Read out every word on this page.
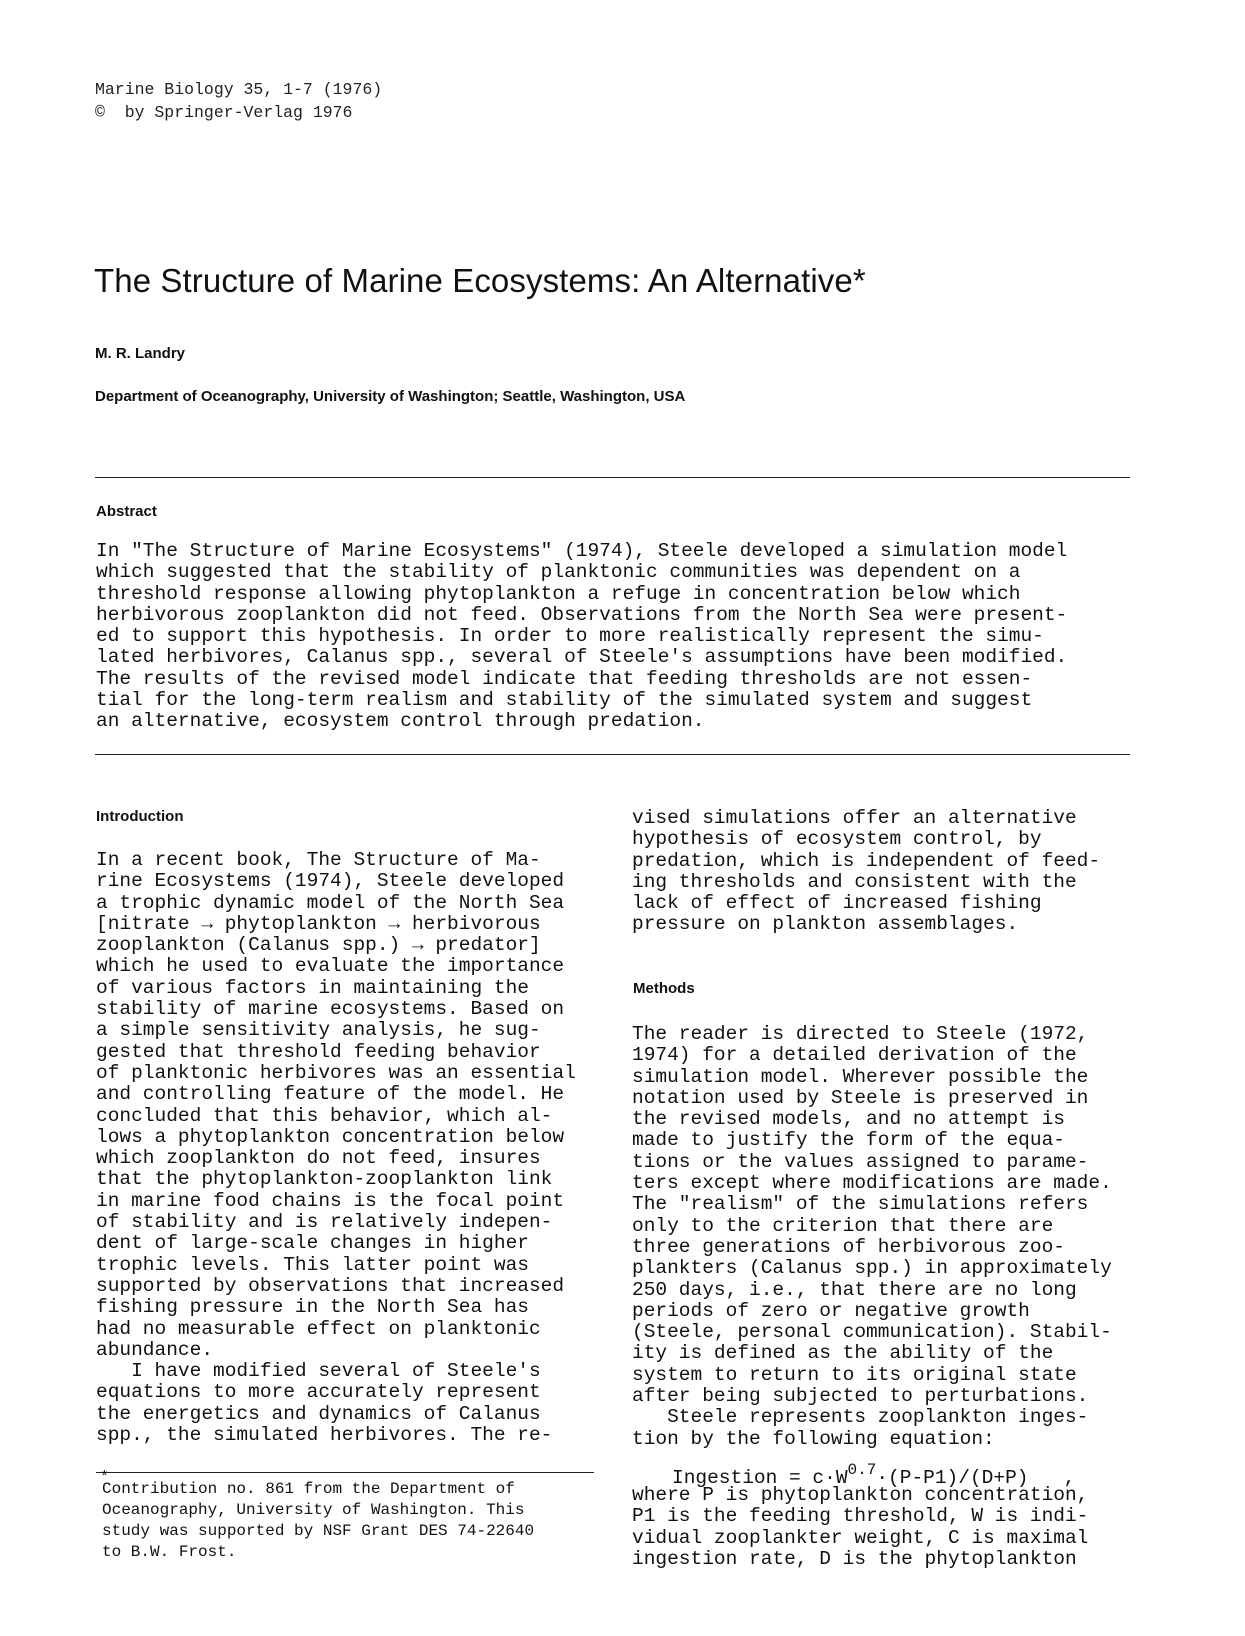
Marine Biology 35, 1-7 (1976)
©  by Springer-Verlag 1976
The Structure of Marine Ecosystems: An Alternative*
M. R. Landry
Department of Oceanography, University of Washington; Seattle, Washington, USA
Abstract
In "The Structure of Marine Ecosystems" (1974), Steele developed a simulation model
which suggested that the stability of planktonic communities was dependent on a
threshold response allowing phytoplankton a refuge in concentration below which
herbivorous zooplankton did not feed. Observations from the North Sea were present-
ed to support this hypothesis. In order to more realistically represent the simu-
lated herbivores, Calanus spp., several of Steele's assumptions have been modified.
The results of the revised model indicate that feeding thresholds are not essen-
tial for the long-term realism and stability of the simulated system and suggest
an alternative, ecosystem control through predation.
Introduction
In a recent book, The Structure of Ma-
rine Ecosystems (1974), Steele developed
a trophic dynamic model of the North Sea
[nitrate → phytoplankton → herbivorous
zooplankton (Calanus spp.) → predator]
which he used to evaluate the importance
of various factors in maintaining the
stability of marine ecosystems. Based on
a simple sensitivity analysis, he sug-
gested that threshold feeding behavior
of planktonic herbivores was an essential
and controlling feature of the model. He
concluded that this behavior, which al-
lows a phytoplankton concentration below
which zooplankton do not feed, insures
that the phytoplankton-zooplankton link
in marine food chains is the focal point
of stability and is relatively indepen-
dent of large-scale changes in higher
trophic levels. This latter point was
supported by observations that increased
fishing pressure in the North Sea has
had no measurable effect on planktonic
abundance.
I have modified several of Steele's
equations to more accurately represent
the energetics and dynamics of Calanus
spp., the simulated herbivores. The re-
vised simulations offer an alternative
hypothesis of ecosystem control, by
predation, which is independent of feed-
ing thresholds and consistent with the
lack of effect of increased fishing
pressure on plankton assemblages.
Methods
The reader is directed to Steele (1972,
1974) for a detailed derivation of the
simulation model. Wherever possible the
notation used by Steele is preserved in
the revised models, and no attempt is
made to justify the form of the equa-
tions or the values assigned to parame-
ters except where modifications are made.
The "realism" of the simulations refers
only to the criterion that there are
three generations of herbivorous zoo-
plankters (Calanus spp.) in approximately
250 days, i.e., that there are no long
periods of zero or negative growth
(Steele, personal communication). Stabil-
ity is defined as the ability of the
system to return to its original state
after being subjected to perturbations.
Steele represents zooplankton inges-
tion by the following equation:
Ingestion = $c\cdot W^{0.7}\cdot(P-P1)/(D+P)$   ,
where P is phytoplankton concentration,
P1 is the feeding threshold, W is indi-
vidual zooplankter weight, C is maximal
ingestion rate, D is the phytoplankton
*
Contribution no. 861 from the Department of
Oceanography, University of Washington. This
study was supported by NSF Grant DES 74-22640
to B.W. Frost.
